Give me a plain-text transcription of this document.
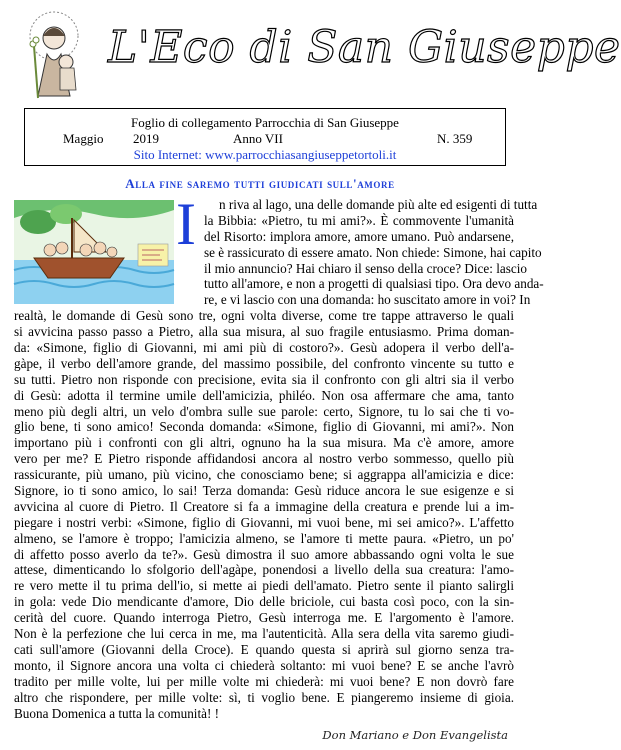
L'Eco di San Giuseppe
Foglio di collegamento Parrocchia di San Giuseppe
Maggio 2019	Anno VII	N. 359
Sito Internet: www.parrocchiasangiuseppetortoli.it
Alla fine saremo tutti giudicati sull'amore
I	n riva al lago, una delle domande più alte ed esigenti di tutta
la Bibbia: «Pietro, tu mi ami?». È commovente l'umanità
del Risorto: implora amore, amore umano. Può andarsene,
se è rassicurato di essere amato. Non chiede: Simone, hai capito
il mio annuncio? Hai chiaro il senso della croce? Dice: lascio
tutto all'amore, e non a progetti di qualsiasi tipo. Ora devo anda-
re, e vi lascio con una domanda: ho suscitato amore in voi? In
realtà, le domande di Gesù sono tre, ogni volta diverse, come tre tappe attraverso le quali
si avvicina passo passo a Pietro, alla sua misura, al suo fragile entusiasmo. Prima doman-
da: «Simone, figlio di Giovanni, mi ami più di costoro?». Gesù adopera il verbo dell'a-
gàpe, il verbo dell'amore grande, del massimo possibile, del confronto vincente su tutto e
su tutti. Pietro non risponde con precisione, evita sia il confronto con gli altri sia il verbo
di Gesù: adotta il termine umile dell'amicizia, philéo. Non osa affermare che ama, tanto
meno più degli altri, un velo d'ombra sulle sue parole: certo, Signore, tu lo sai che ti vo-
glio bene, ti sono amico! Seconda domanda: «Simone, figlio di Giovanni, mi ami?». Non
importano più i confronti con gli altri, ognuno ha la sua misura. Ma c'è amore, amore
vero per me? E Pietro risponde affidandosi ancora al nostro verbo sommesso, quello più
rassicurante, più umano, più vicino, che conosciamo bene; si aggrappa all'amicizia e dice:
Signore, io ti sono amico, lo sai! Terza domanda: Gesù riduce ancora le sue esigenze e si
avvicina al cuore di Pietro. Il Creatore si fa a immagine della creatura e prende lui a im-
piegare i nostri verbi: «Simone, figlio di Giovanni, mi vuoi bene, mi sei amico?». L'affetto
almeno, se l'amore è troppo; l'amicizia almeno, se l'amore ti mette paura. «Pietro, un po'
di affetto posso averlo da te?». Gesù dimostra il suo amore abbassando ogni volta le sue
attese, dimenticando lo sfolgorio dell'agàpe, ponendosi a livello della sua creatura: l'amo-
re vero mette il tu prima dell'io, si mette ai piedi dell'amato. Pietro sente il pianto salirgli
in gola: vede Dio mendicante d'amore, Dio delle briciole, cui basta così poco, con la sin-
cerità del cuore. Quando interroga Pietro, Gesù interroga me. E l'argomento è l'amore.
Non è la perfezione che lui cerca in me, ma l'autenticità. Alla sera della vita saremo giudi-
cati sull'amore (Giovanni della Croce). E quando questa si aprirà sul giorno senza tra-
monto, il Signore ancora una volta ci chiederà soltanto: mi vuoi bene? E se anche l'avrò
tradito per mille volte, lui per mille volte mi chiederà: mi vuoi bene? E non dovrò fare
altro che rispondere, per mille volte: sì, ti voglio bene. E piangeremo insieme di gioia.
Buona Domenica a tutta la comunità! !
Don Mariano e Don Evangelista
